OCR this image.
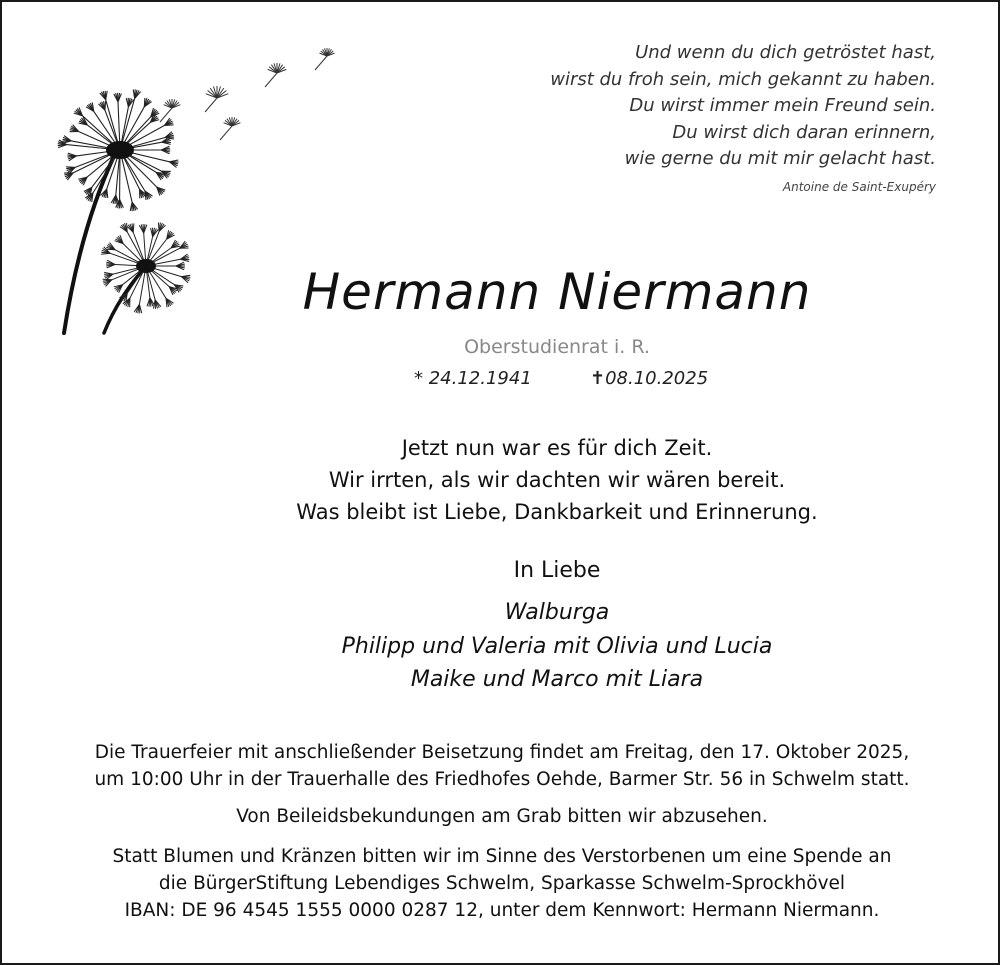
Und wenn du dich getröstet hast,
wirst du froh sein, mich gekannt zu haben.
Du wirst immer mein Freund sein.
Du wirst dich daran erinnern,
wie gerne du mit mir gelacht hast.
Antoine de Saint-Exupéry
Hermann Niermann
Oberstudienrat i. R.
* 24.12.1941	✝08.10.2025
Jetzt nun war es für dich Zeit.
Wir irrten, als wir dachten wir wären bereit.
Was bleibt ist Liebe, Dankbarkeit und Erinnerung.
In Liebe
Walburga
Philipp und Valeria mit Olivia und Lucia
Maike und Marco mit Liara
Die Trauerfeier mit anschließender Beisetzung findet am Freitag, den 17. Oktober 2025,
um 10:00 Uhr in der Trauerhalle des Friedhofes Oehde, Barmer Str. 56 in Schwelm statt.
Von Beileidsbekundungen am Grab bitten wir abzusehen.
Statt Blumen und Kränzen bitten wir im Sinne des Verstorbenen um eine Spende an
die BürgerStiftung Lebendiges Schwelm, Sparkasse Schwelm-Sprockhövel
IBAN: DE 96 4545 1555 0000 0287 12, unter dem Kennwort: Hermann Niermann.
